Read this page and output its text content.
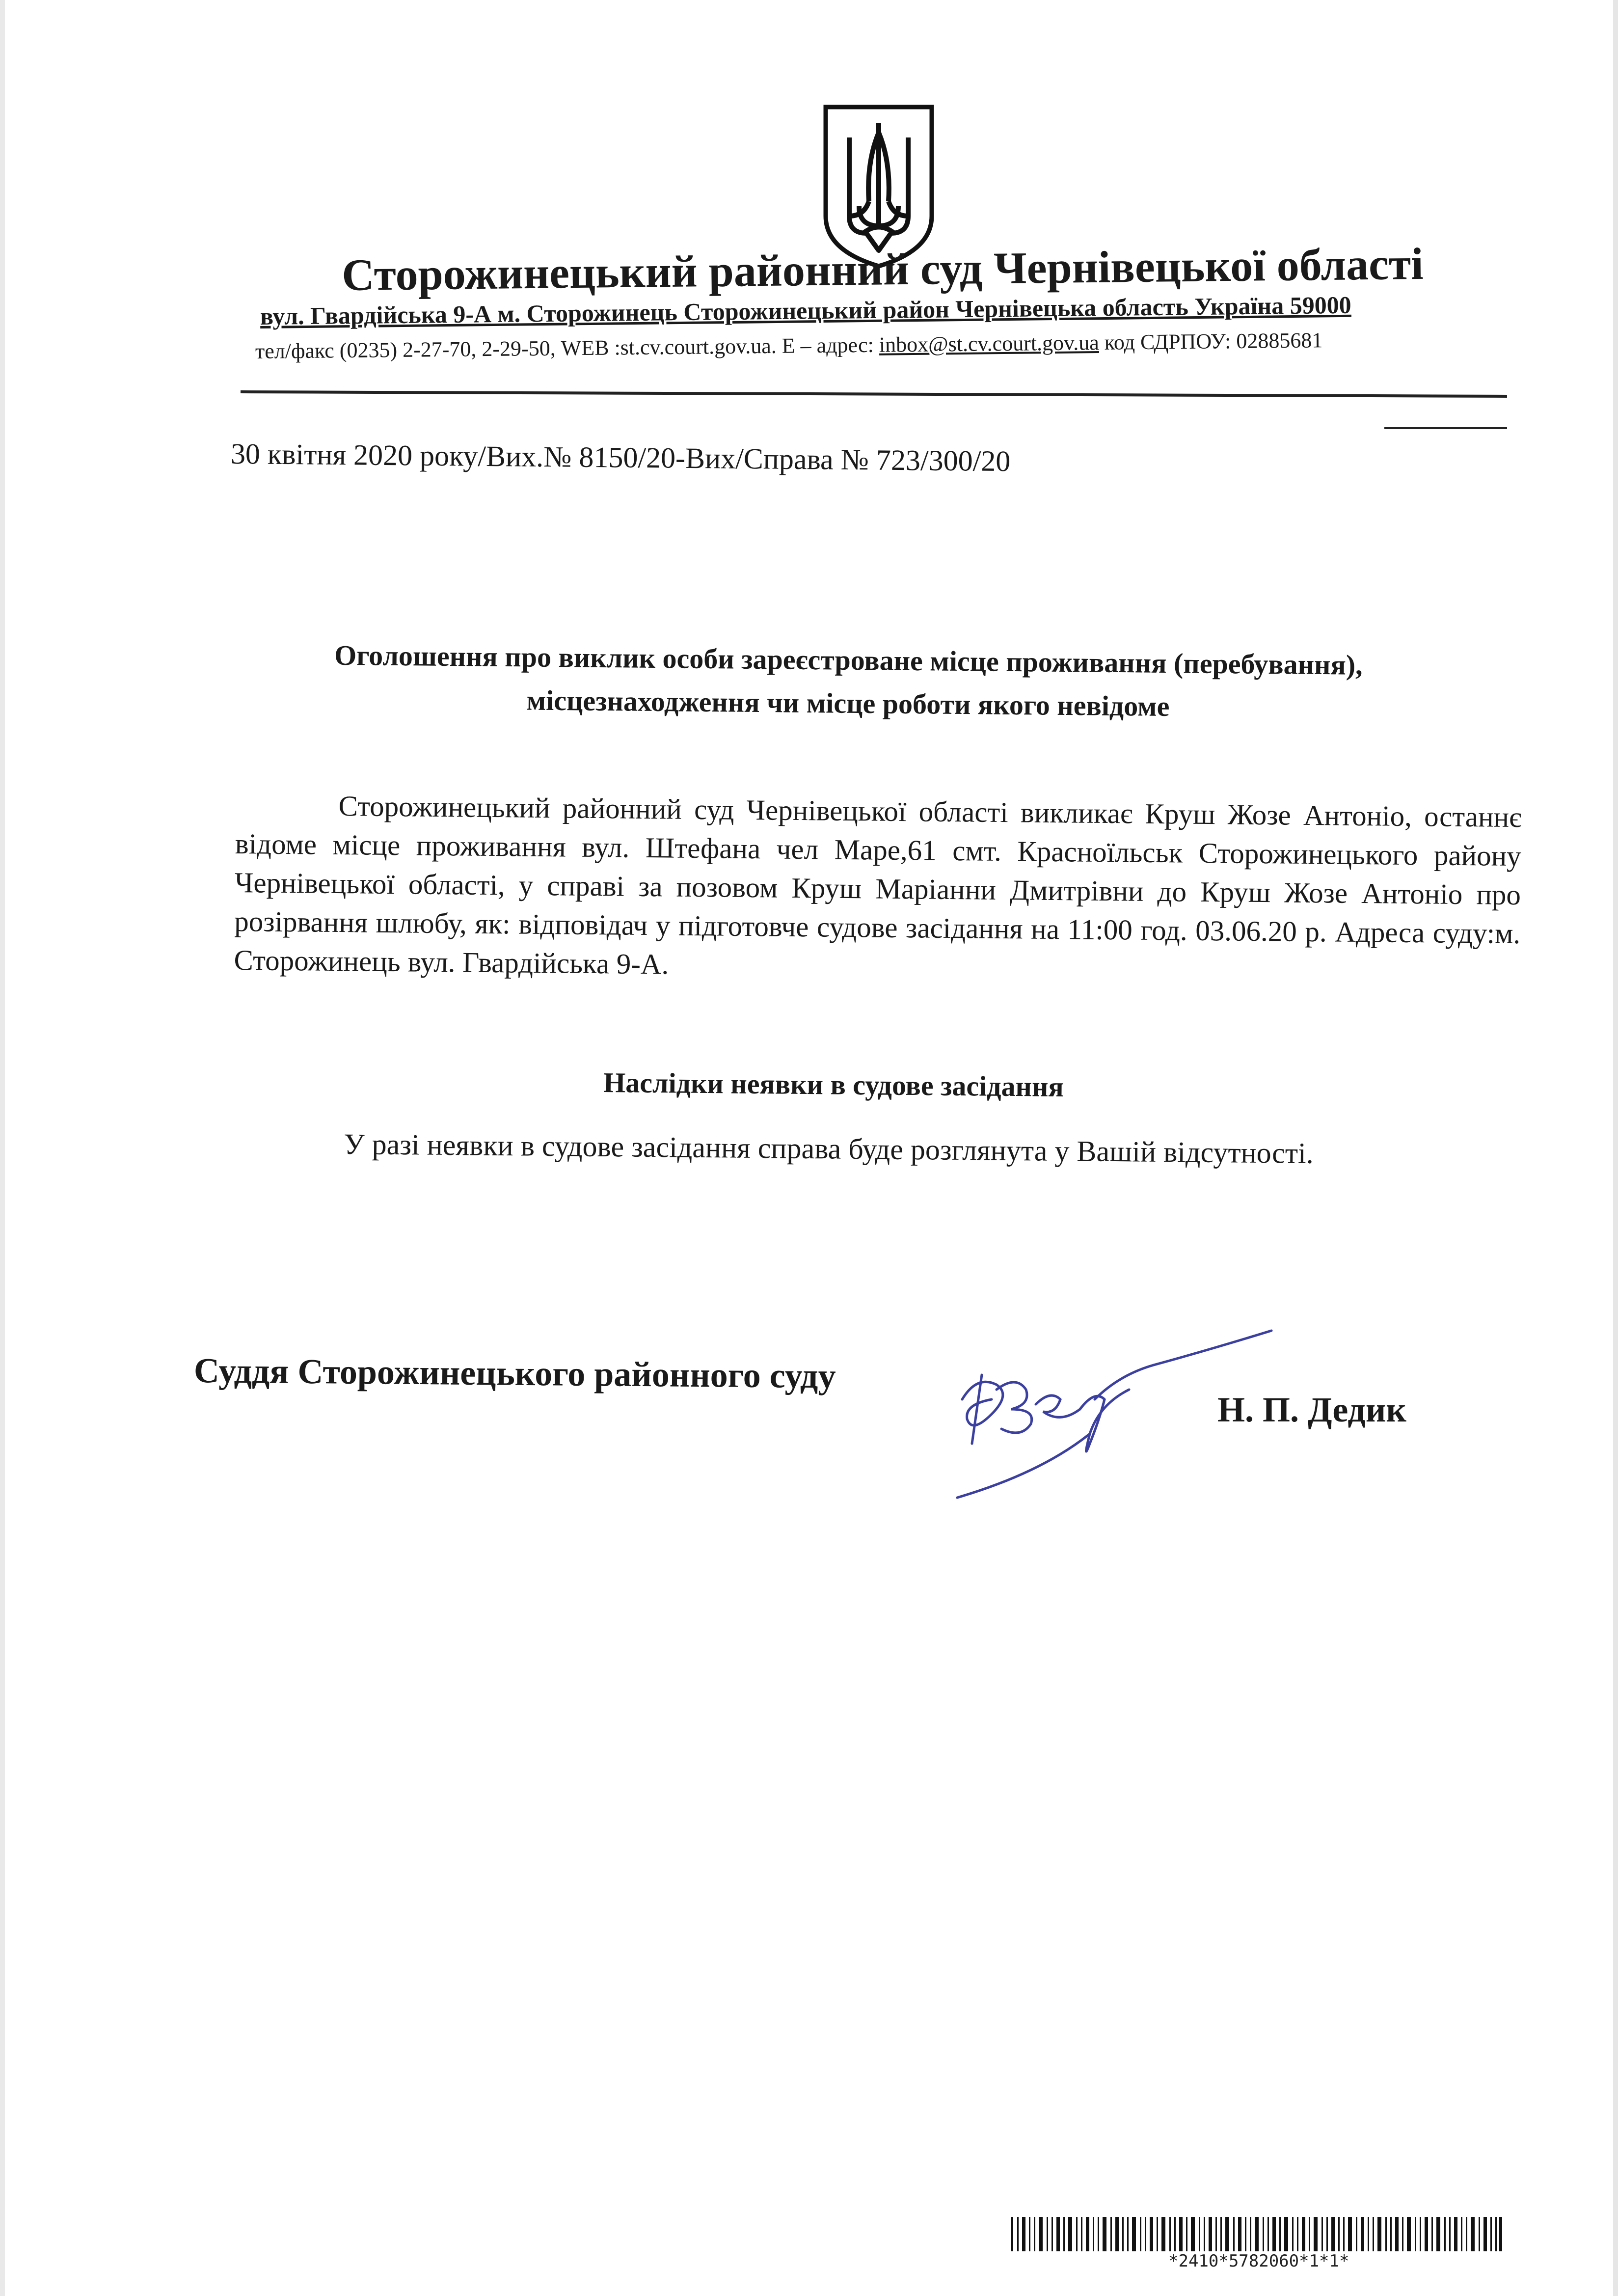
Сторожинецький районний суд Чернівецької області
вул. Гвардійська 9-А м. Сторожинець Сторожинецький район Чернівецька область Україна 59000
тел/факс (0235) 2-27-70, 2-29-50, WEB :st.cv.court.gov.ua. E – адрес: inbox@st.cv.court.gov.ua код СДРПОУ: 02885681
30 квітня 2020 року/Вих.№ 8150/20-Вих/Справа № 723/300/20
Оголошення про виклик особи зареєстроване місце проживання (перебування),
місцезнаходження чи місце роботи якого невідоме

Сторожинецький районний суд Чернівецької області викликає Круш Жозе Антоніо, останнє відоме місце проживання вул. Штефана чел Маре,61 смт. Красноїльськ Сторожинецького району Чернівецької області, у справі за позовом Круш Маріанни Дмитрівни до Круш Жозе Антоніо про розірвання шлюбу, як: відповідач у підготовче судове засідання на 11:00 год. 03.06.20 р. Адреса суду:м. Сторожинець вул. Гвардійська 9-А.

Наслідки неявки в судове засідання
У разі неявки в судове засідання справа буде розглянута у Вашій відсутності.
Суддя Сторожинецького районного суду
Н. П. Дедик
*2410*5782060*1*1*
